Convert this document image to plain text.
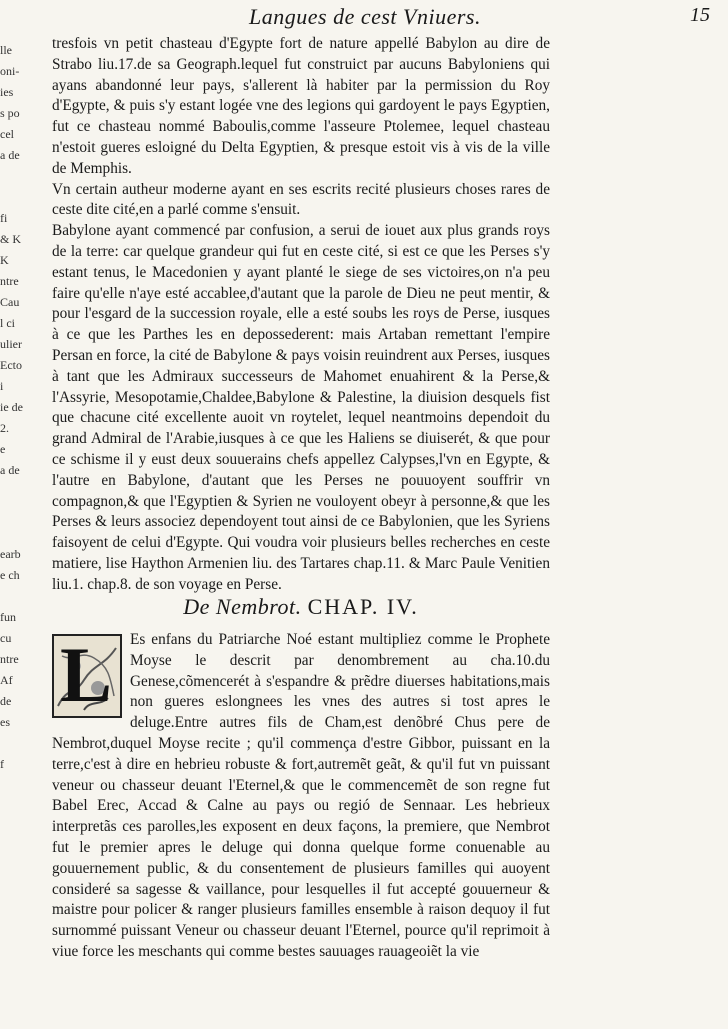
Langues de cest Vniuers.	15
lle
oni-
ies
s po
cel
a de
fi
& K
K
ntre
Cau
l ci
ulier
Ecto
i
ie de
2.
e
a de
earb
e ch
fun
cu
ntre
Af
de
es
f

tresfois vn petit chasteau d'Egypte fort de nature appellé Babylon au dire de Strabo liu.17.de sa Geograph.lequel fut construict par aucuns Babyloniens qui ayans abandonné leur pays, s'allerent là habiter par la permission du Roy d'Egypte, & puis s'y estant logée vne des legions qui gardoyent le pays Egyptien, fut ce chasteau nommé Baboulis,comme l'asseure Ptolemee, lequel chasteau n'estoit gueres esloigné du Delta Egyptien, & presque estoit vis à vis de la ville de Memphis.

Vn certain autheur moderne ayant en ses escrits recité plusieurs choses rares de ceste dite cité,en a parlé comme s'ensuit.

Babylone ayant commencé par confusion, a serui de iouet aux plus grands roys de la terre: car quelque grandeur qui fut en ceste cité, si est ce que les Perses s'y estant tenus, le Macedonien y ayant planté le siege de ses victoires,on n'a peu faire qu'elle n'aye esté accablee,d'autant que la parole de Dieu ne peut mentir, & pour l'esgard de la succession royale, elle a esté soubs les roys de Perse, iusques à ce que les Parthes les en depossederent: mais Artaban remettant l'empire Persan en force, la cité de Babylone & pays voisin reuindrent aux Perses, iusques à tant que les Admiraux successeurs de Mahomet enuahirent & la Perse,& l'Assyrie, Mesopotamie,Chaldee,Babylone & Palestine, la diuision desquels fist que chacune cité excellente auoit vn roytelet, lequel neantmoins dependoit du grand Admiral de l'Arabie,iusques à ce que les Haliens se diuiserét, & que pour ce schisme il y eust deux souuerains chefs appellez Calypses,l'vn en Egypte, & l'autre en Babylone, d'autant que les Perses ne pouuoyent souffrir vn compagnon,& que l'Egyptien & Syrien ne vouloyent obeyr à personne,& que les Perses & leurs associez dependoyent tout ainsi de ce Babylonien, que les Syriens faisoyent de celui d'Egypte. Qui voudra voir plusieurs belles recherches en ceste matiere, lise Haython Armenien liu. des Tartares chap.11. & Marc Paule Venitien liu.1. chap.8. de son voyage en Perse.

De Nembrot. CHAP. IV.
L	Es enfans du Patriarche Noé estant multipliez comme le Prophete Moyse le descrit par denombrement au cha.10.du Genese,cõmencerét à s'espandre & prẽdre diuerses habitations,mais non gueres eslongnees les vnes des autres si tost apres le deluge.Entre autres fils de Cham,est denõbré Chus pere de Nembrot,duquel Moyse recite ; qu'il commença d'estre Gibbor, puissant en la terre,c'est à dire en hebrieu robuste & fort,autremẽt geãt, & qu'il fut vn puissant veneur ou chasseur deuant l'Eternel,& que le commencemẽt de son regne fut Babel Erec, Accad & Calne au pays ou regió de Sennaar. Les hebrieux interpretãs ces parolles,les exposent en deux façons, la premiere, que Nembrot fut le premier apres le deluge qui donna quelque forme conuenable au gouuernement public, & du consentement de plusieurs familles qui auoyent consideré sa sagesse & vaillance, pour lesquelles il fut accepté gouuerneur & maistre pour policer & ranger plusieurs familles ensemble à raison dequoy il fut surnommé puissant Veneur ou chasseur deuant l'Eternel, pource qu'il reprimoit à viue force les meschants qui comme bestes sauuages rauageoiẽt la vie
